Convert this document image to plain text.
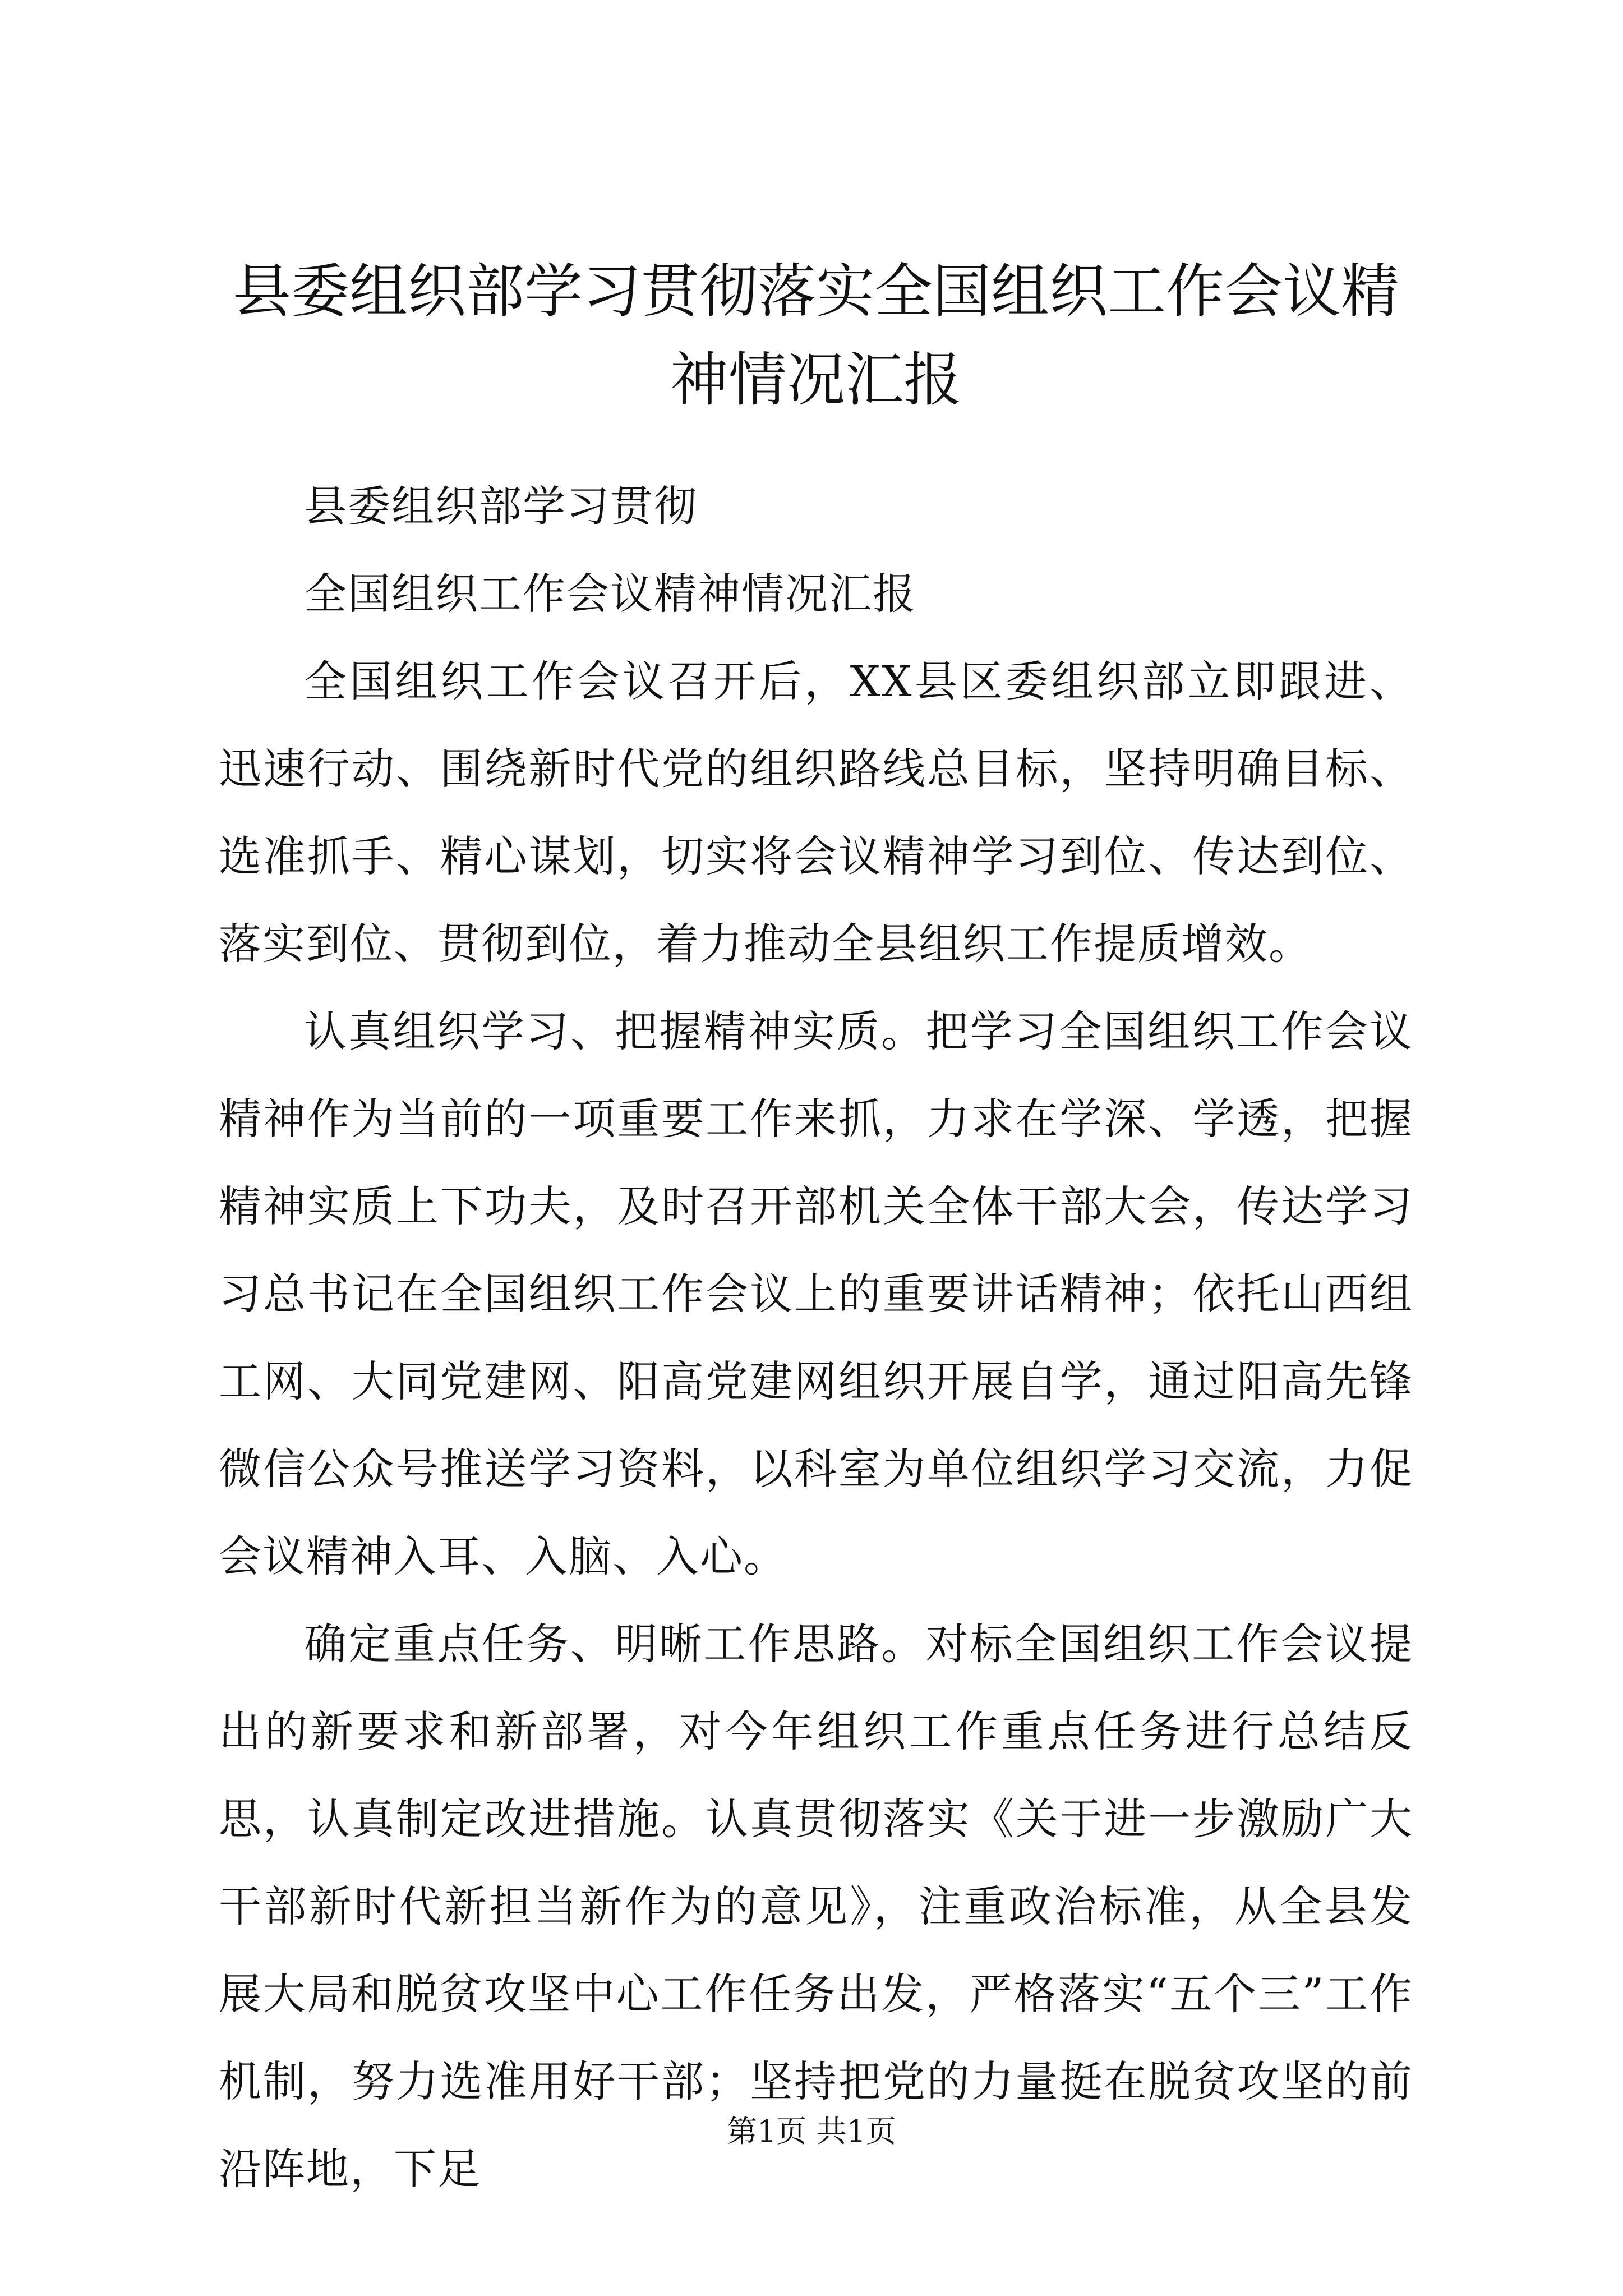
县委组织部学习贯彻落实全国组织工作会议精神情况汇报

县委组织部学习贯彻

全国组织工作会议精神情况汇报

全国组织工作会议召开后，XX县区委组织部立即跟进、迅速行动、围绕新时代党的组织路线总目标，坚持明确目标、选准抓手、精心谋划，切实将会议精神学习到位、传达到位、落实到位、贯彻到位，着力推动全县组织工作提质增效。

认真组织学习、把握精神实质。把学习全国组织工作会议精神作为当前的一项重要工作来抓，力求在学深、学透，把握精神实质上下功夫，及时召开部机关全体干部大会，传达学习习总书记在全国组织工作会议上的重要讲话精神；依托山西组工网、大同党建网、阳高党建网组织开展自学，通过阳高先锋微信公众号推送学习资料，以科室为单位组织学习交流，力促会议精神入耳、入脑、入心。

确定重点任务、明晰工作思路。对标全国组织工作会议提出的新要求和新部署，对今年组织工作重点任务进行总结反思，认真制定改进措施。认真贯彻落实《关于进一步激励广大干部新时代新担当新作为的意见》，注重政治标准，从全县发展大局和脱贫攻坚中心工作任务出发，严格落实“五个三”工作机制，努力选准用好干部；坚持把党的力量挺在脱贫攻坚的前沿阵地，下足

第1页 共1页
